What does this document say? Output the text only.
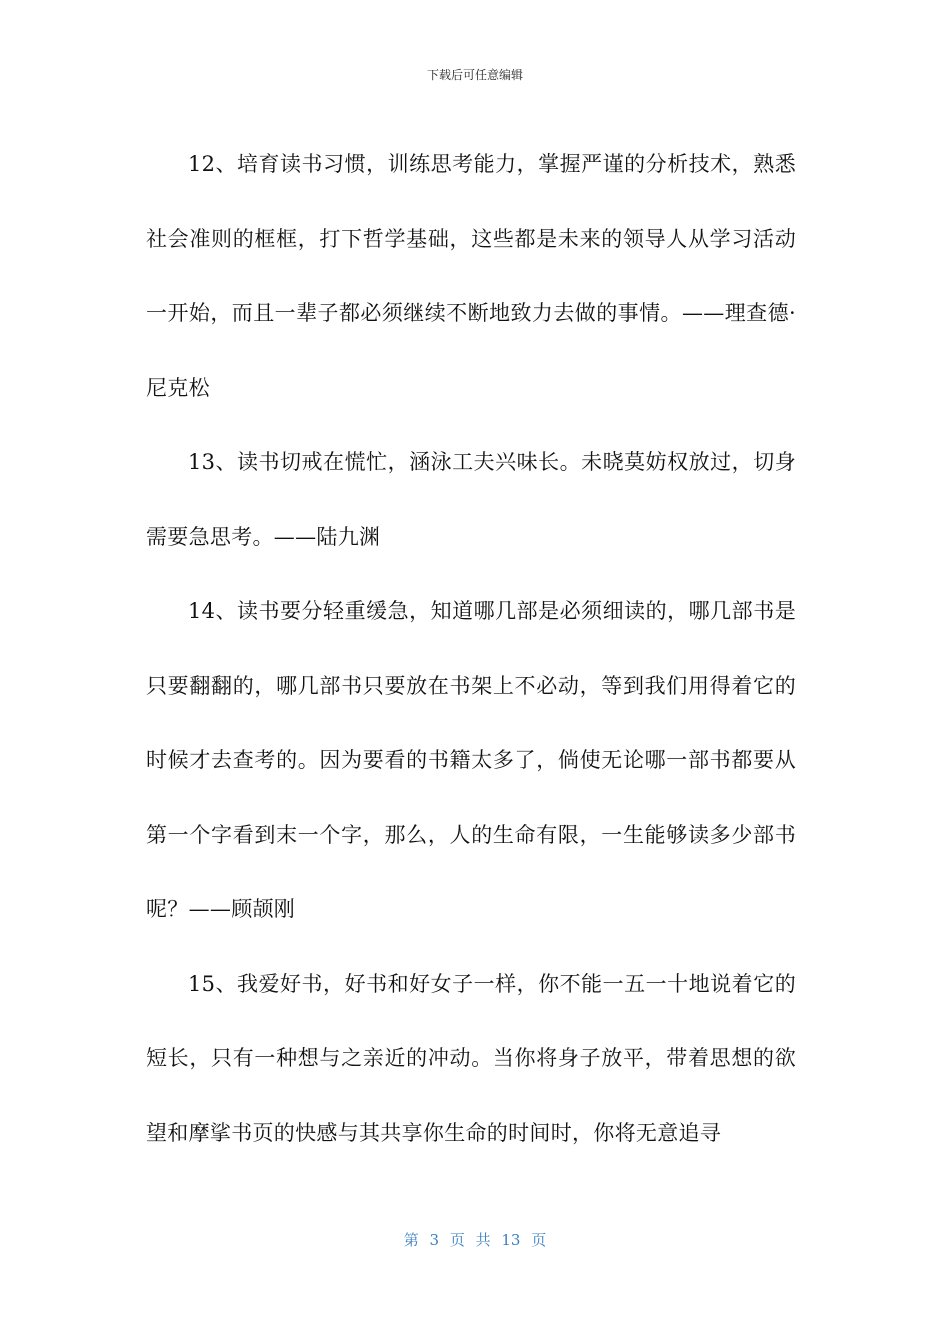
下载后可任意编辑

12、培育读书习惯，训练思考能力，掌握严谨的分析技术，熟悉社会准则的框框，打下哲学基础，这些都是未来的领导人从学习活动一开始，而且一辈子都必须继续不断地致力去做的事情。——理查德·尼克松

13、读书切戒在慌忙，涵泳工夫兴味长。未晓莫妨权放过，切身需要急思考。——陆九渊

14、读书要分轻重缓急，知道哪几部是必须细读的，哪几部书是只要翻翻的，哪几部书只要放在书架上不必动，等到我们用得着它的时候才去查考的。因为要看的书籍太多了，倘使无论哪一部书都要从第一个字看到末一个字，那么，人的生命有限，一生能够读多少部书呢？——顾颉刚

15、我爱好书，好书和好女子一样，你不能一五一十地说着它的短长，只有一种想与之亲近的冲动。当你将身子放平，带着思想的欲望和摩挲书页的快感与其共享你生命的时间时，你将无意追寻

第 3 页 共 13 页
